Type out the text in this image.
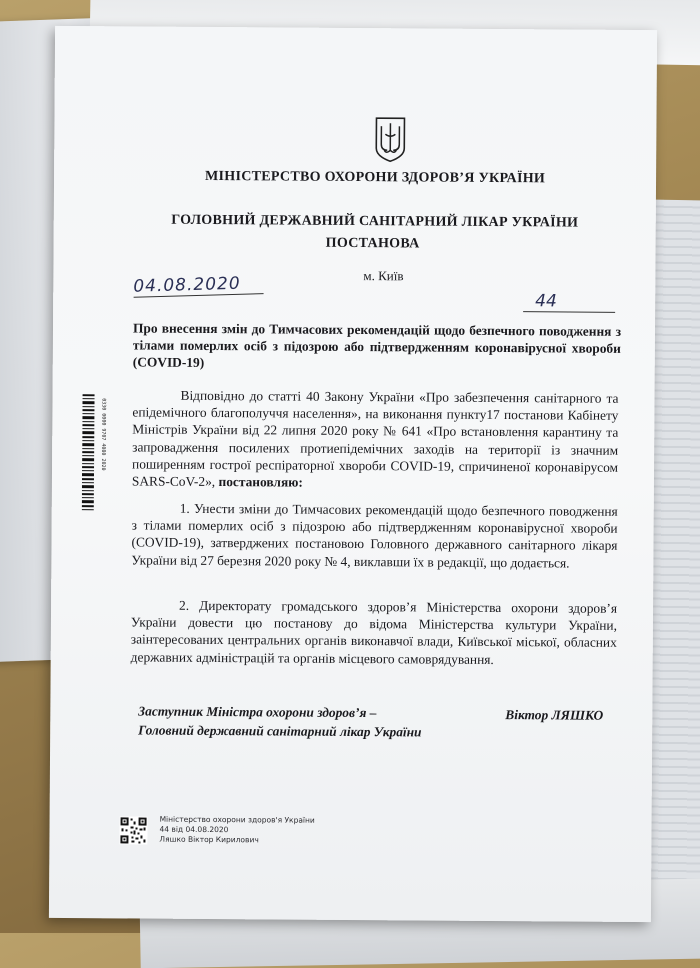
МІНІСТЕРСТВО ОХОРОНИ ЗДОРОВ’Я УКРАЇНИ
ГОЛОВНИЙ ДЕРЖАВНИЙ САНІТАРНИЙ ЛІКАР УКРАЇНИ
ПОСТАНОВА
04.08.2020	м. Київ
44
Про внесення змін до Тимчасових рекомендацій щодо безпечного поводження з тілами померлих осіб з підозрою або підтвердженням коронавірусної хвороби (COVID-19)
Відповідно до статті 40 Закону України «Про забезпечення санітарного та епідемічного благополуччя населення», на виконання пункту17 постанови Кабінету Міністрів України від 22 липня 2020 року № 641 «Про встановлення карантину та запровадження посилених протиепідемічних заходів на території із значним поширенням гострої респіраторної хвороби COVID-19, спричиненої коронавірусом SARS-CoV-2», постановляю:
1. Унести зміни до Тимчасових рекомендацій щодо безпечного поводження з тілами померлих осіб з підозрою або підтвердженням коронавірусної хвороби (COVID-19), затверджених постановою Головного державного санітарного лікаря України від 27 березня 2020 року № 4, виклавши їх в редакції, що додається.
2. Директорату громадського здоров’я Міністерства охорони здоров’я України довести цю постанову до відома Міністерства культури України, заінтересованих центральних органів виконавчої влади, Київської міської, обласних державних адміністрацій та органів місцевого самоврядування.
Заступник Міністра охорони здоров’я –
Головний державний санітарний лікар України
Віктор ЛЯШКО
0330 0000 9707 4080 2020
Міністерство охорони здоров'я України
44 від 04.08.2020
Ляшко Віктор Кирилович
